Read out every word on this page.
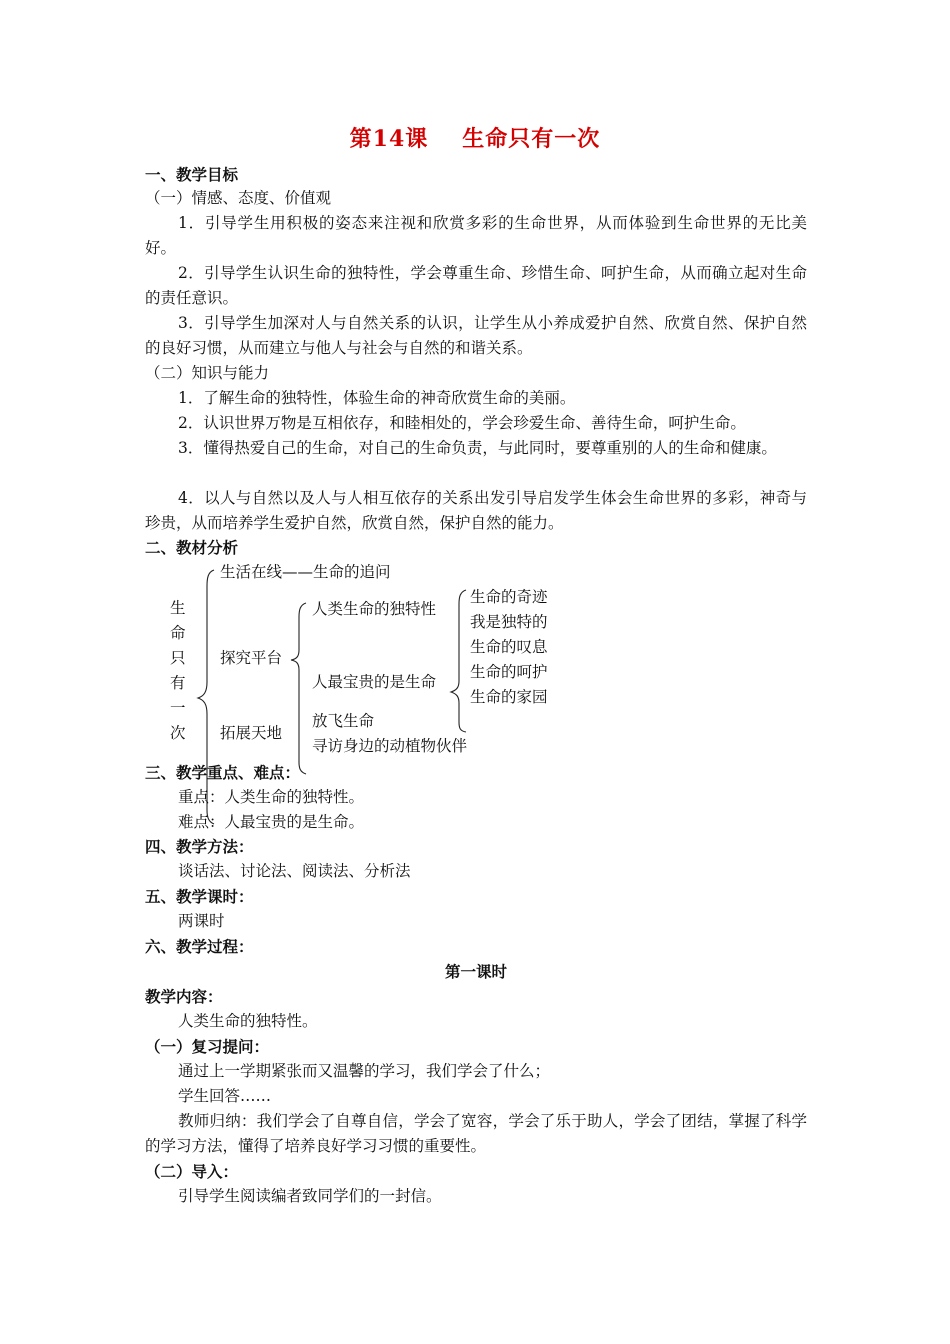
第14课 生命只有一次
一、教学目标
（一）情感、态度、价值观
1．引导学生用积极的姿态来注视和欣赏多彩的生命世界，从而体验到生命世界的无比美好。
2．引导学生认识生命的独特性，学会尊重生命、珍惜生命、呵护生命，从而确立起对生命的责任意识。
3．引导学生加深对人与自然关系的认识，让学生从小养成爱护自然、欣赏自然、保护自然的良好习惯，从而建立与他人与社会与自然的和谐关系。
（二）知识与能力
1．了解生命的独特性，体验生命的神奇欣赏生命的美丽。
2．认识世界万物是互相依存，和睦相处的，学会珍爱生命、善待生命，呵护生命。
3．懂得热爱自己的生命，对自己的生命负责，与此同时，要尊重别的人的生命和健康。
4．以人与自然以及人与人相互依存的关系出发引导启发学生体会生命世界的多彩，神奇与珍贵，从而培养学生爱护自然，欣赏自然，保护自然的能力。
二、教材分析
生
命
只
有
一
次
生活在线——生命的追问
探究平台
拓展天地
人类生命的独特性
人最宝贵的是生命
放飞生命
寻访身边的动植物伙伴
生命的奇迹
我是独特的
生命的叹息
生命的呵护
生命的家园
三、教学重点、难点：
重点：人类生命的独特性。
难点：人最宝贵的是生命。
四、教学方法：
谈话法、讨论法、阅读法、分析法
五、教学课时：
两课时
六、教学过程：
第一课时
教学内容：
人类生命的独特性。
（一）复习提问：
通过上一学期紧张而又温馨的学习，我们学会了什么；
学生回答……
教师归纳：我们学会了自尊自信，学会了宽容，学会了乐于助人，学会了团结，掌握了科学的学习方法，懂得了培养良好学习习惯的重要性。
（二）导入：
引导学生阅读编者致同学们的一封信。
